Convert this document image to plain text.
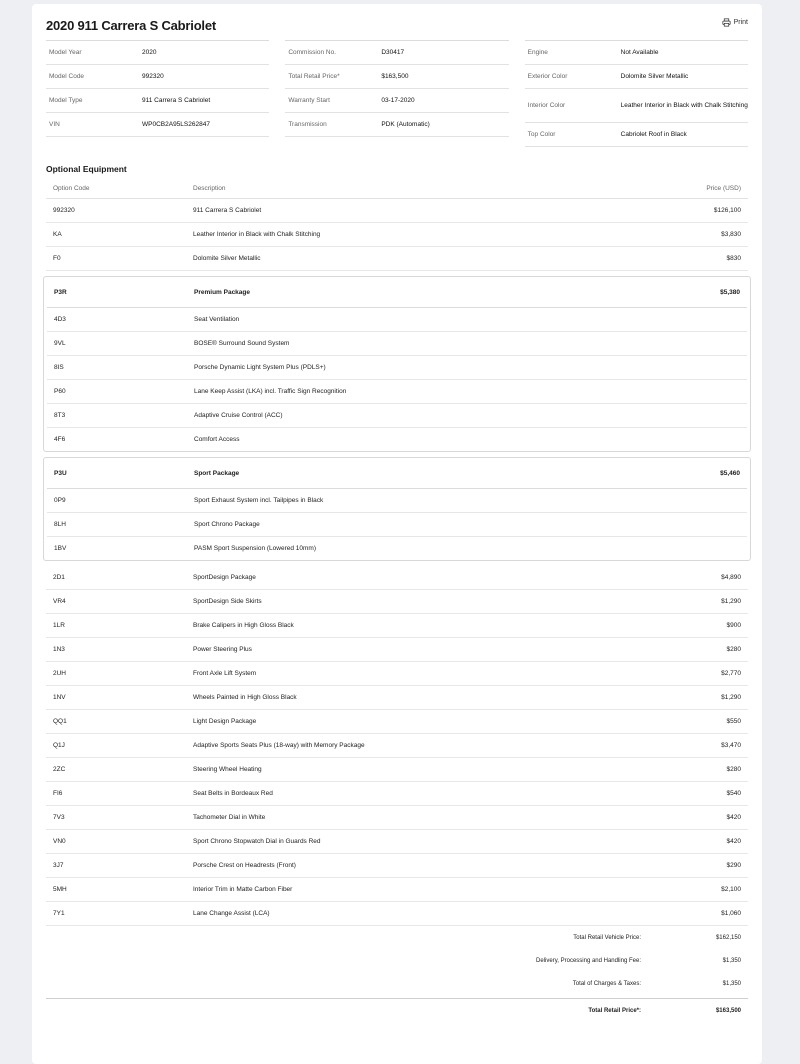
2020 911 Carrera S Cabriolet	Print
Model Year	2020
Model Code	992320
Model Type	911 Carrera S Cabriolet
VIN	WP0CB2A95LS262847
Commission No.	D30417
Total Retail Price*	$163,500
Warranty Start	03-17-2020
Transmission	PDK (Automatic)
Engine	Not Available
Exterior Color	Dolomite Silver Metallic
Interior Color	Leather Interior in Black with Chalk Stitching
Top Color	Cabriolet Roof in Black
Optional Equipment
Option Code	Description	Price (USD)
992320	911 Carrera S Cabriolet	$126,100
KA	Leather Interior in Black with Chalk Stitching	$3,830
F0	Dolomite Silver Metallic	$830
P3R	Premium Package	$5,380
4D3	Seat Ventilation
9VL	BOSE® Surround Sound System
8IS	Porsche Dynamic Light System Plus (PDLS+)
P60	Lane Keep Assist (LKA) incl. Traffic Sign Recognition
8T3	Adaptive Cruise Control (ACC)
4F6	Comfort Access
P3U	Sport Package	$5,460
0P9	Sport Exhaust System incl. Tailpipes in Black
8LH	Sport Chrono Package
1BV	PASM Sport Suspension (Lowered 10mm)
2D1	SportDesign Package	$4,890
VR4	SportDesign Side Skirts	$1,290
1LR	Brake Calipers in High Gloss Black	$900
1N3	Power Steering Plus	$280
2UH	Front Axle Lift System	$2,770
1NV	Wheels Painted in High Gloss Black	$1,290
QQ1	Light Design Package	$550
Q1J	Adaptive Sports Seats Plus (18-way) with Memory Package	$3,470
2ZC	Steering Wheel Heating	$280
FI6	Seat Belts in Bordeaux Red	$540
7V3	Tachometer Dial in White	$420
VN0	Sport Chrono Stopwatch Dial in Guards Red	$420
3J7	Porsche Crest on Headrests (Front)	$290
5MH	Interior Trim in Matte Carbon Fiber	$2,100
7Y1	Lane Change Assist (LCA)	$1,060
Total Retail Vehicle Price:	$162,150
Delivery, Processing and Handling Fee:	$1,350
Total of Charges & Taxes:	$1,350
Total Retail Price*:	$163,500
